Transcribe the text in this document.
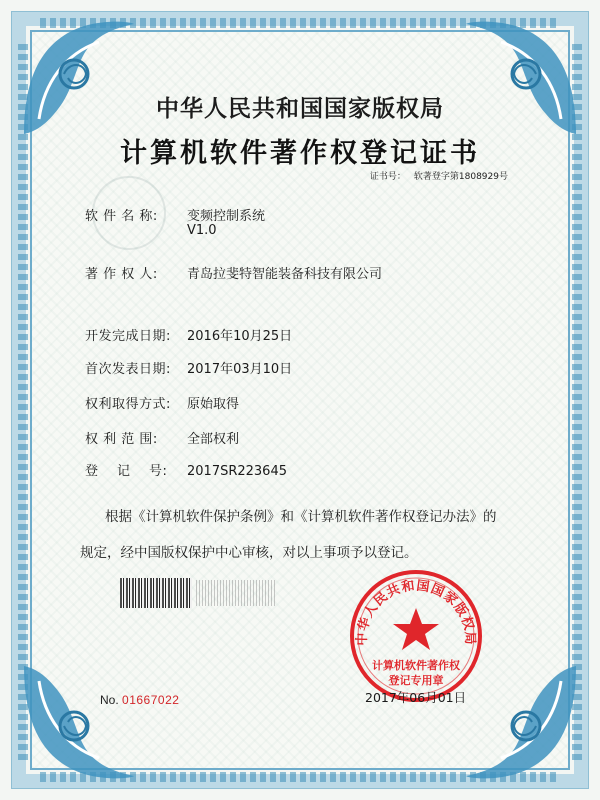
中华人民共和国国家版权局
计算机软件著作权登记证书
证书号： 软著登字第1808929号
软 件 名 称: 变频控制系统
V1.0
著 作 权 人: 青岛拉斐特智能装备科技有限公司
开发完成日期: 2016年10月25日
首次发表日期: 2017年03月10日
权利取得方式: 原始取得
权 利 范 围: 全部权利
登    记    号: 2017SR223645
根据《计算机软件保护条例》和《计算机软件著作权登记办法》的
规定，经中国版权保护中心审核，对以上事项予以登记。
中华人民共和国国家版权局
计算机软件著作权
登记专用章
No. 01667022	2017年06月01日
